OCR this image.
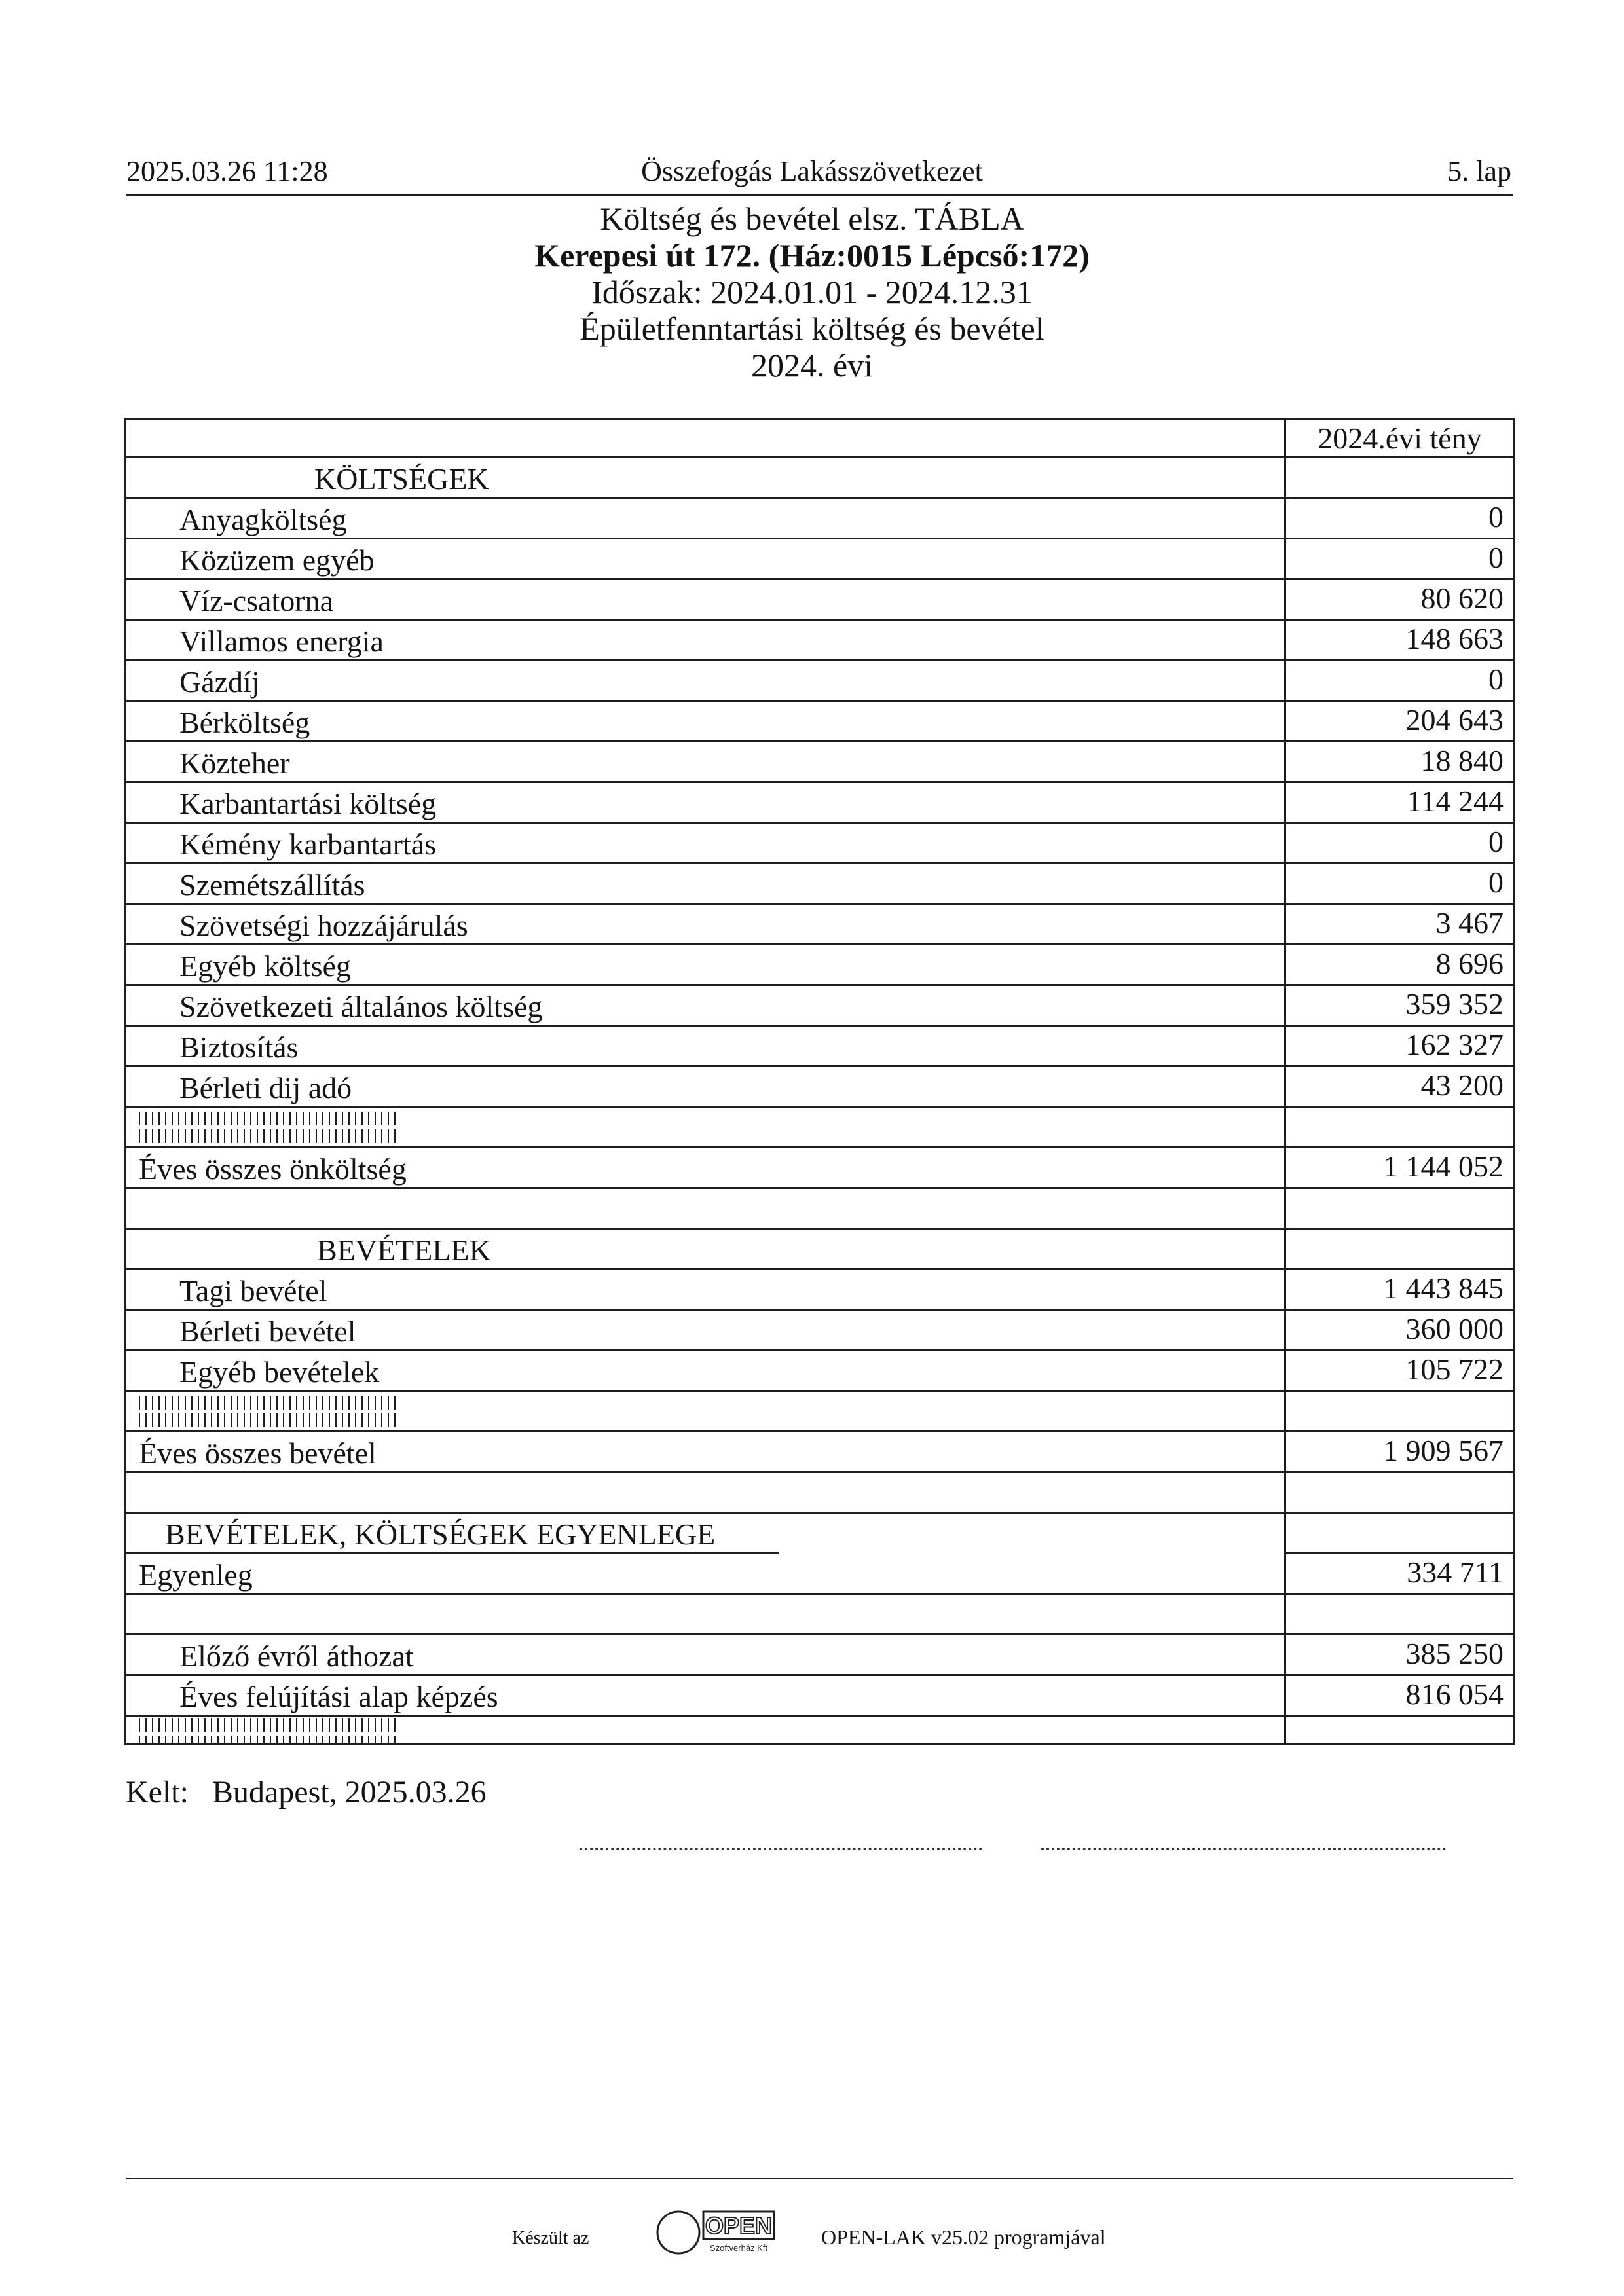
2025.03.26 11:28	Összefogás Lakásszövetkezet	5. lap
Költség és bevétel elsz. TÁBLA
Kerepesi út 172. (Ház:0015 Lépcső:172)
Időszak: 2024.01.01 - 2024.12.31
Épületfenntartási költség és bevétel
2024. évi
2024.évi tény
KÖLTSÉGEK
Anyagköltség	0
Közüzem egyéb	0
Víz-csatorna	80 620
Villamos energia	148 663
Gázdíj	0
Bérköltség	204 643
Közteher	18 840
Karbantartási költség	114 244
Kémény karbantartás	0
Szemétszállítás	0
Szövetségi hozzájárulás	3 467
Egyéb költség	8 696
Szövetkezeti általános költség	359 352
Biztosítás	162 327
Bérleti dij adó	43 200
Éves összes önköltség	1 144 052
BEVÉTELEK
Tagi bevétel	1 443 845
Bérleti bevétel	360 000
Egyéb bevételek	105 722
Éves összes bevétel	1 909 567
BEVÉTELEK, KÖLTSÉGEK EGYENLEGE
Egyenleg	334 711
Előző évről áthozat	385 250
Éves felújítási alap képzés	816 054
Kelt:   Budapest, 2025.03.26
Készült az	OPEN
Szoftverház Kft	OPEN-LAK v25.02 programjával
